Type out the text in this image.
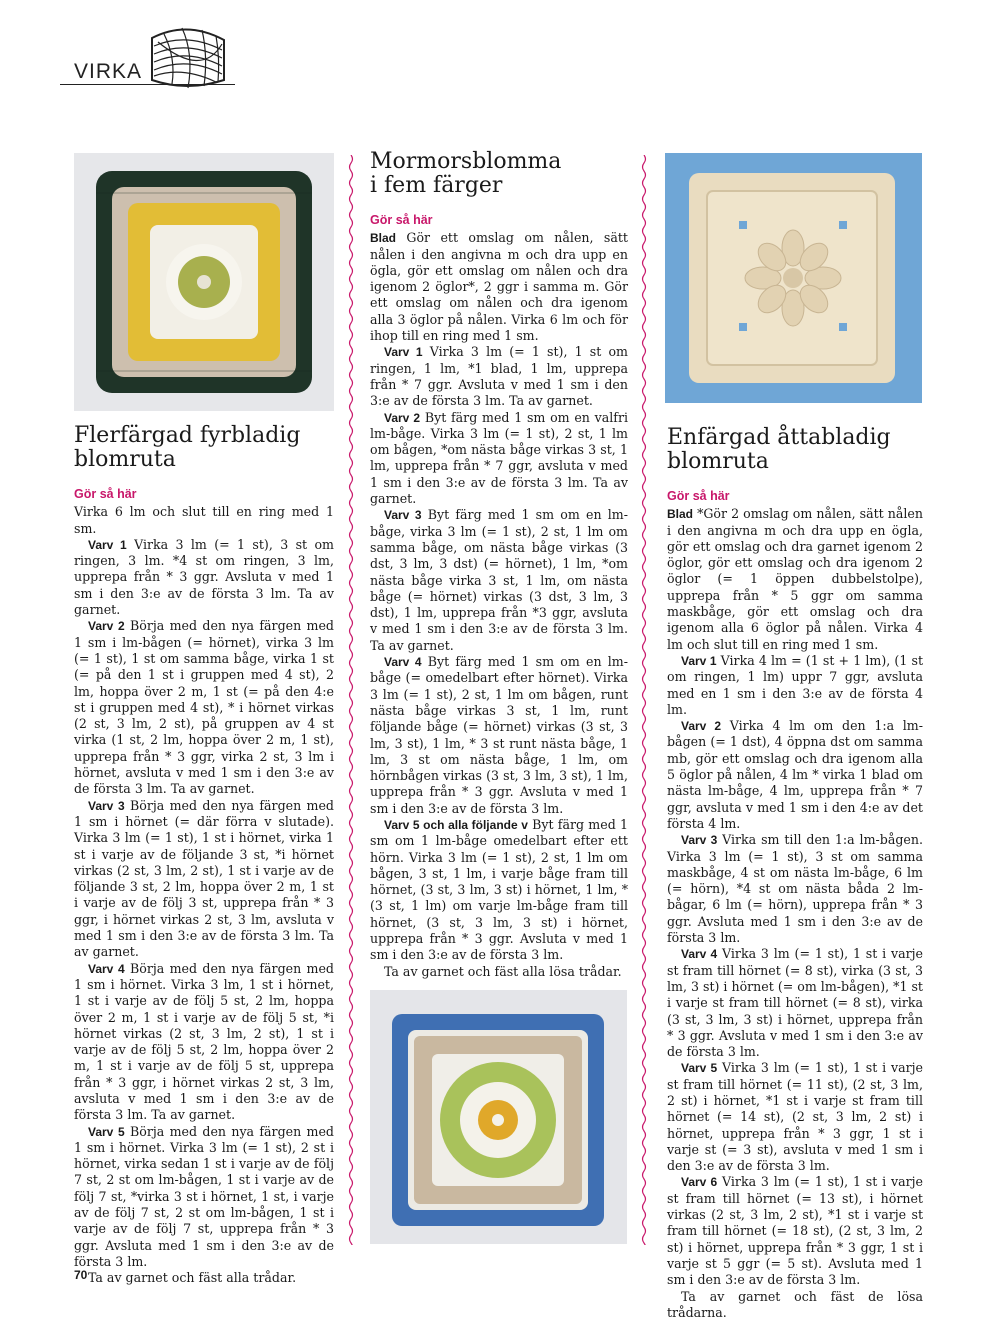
VIRKA
Flerfärgad fyrbladig blomruta
Gör så här

Virka 6 lm och slut till en ring med 1 sm.

Varv 1 Virka 3 lm (= 1 st), 3 st om ringen, 3 lm. *4 st om ringen, 3 lm, upprepa från * 3 ggr. Avsluta v med 1 sm i den 3:e av de första 3 lm. Ta av garnet.

Varv 2 Börja med den nya färgen med 1 sm i lm-bågen (= hörnet), virka 3 lm (= 1 st), 1 st om samma båge, virka 1 st (= på den 1 st i gruppen med 4 st), 2 lm, hoppa över 2 m, 1 st (= på den 4:e st i gruppen med 4 st), * i hörnet virkas (2 st, 3 lm, 2 st), på gruppen av 4 st virka (1 st, 2 lm, hoppa över 2 m, 1 st), upprepa från * 3 ggr, virka 2 st, 3 lm i hörnet, avsluta v med 1 sm i den 3:e av de första 3 lm. Ta av garnet.

Varv 3 Börja med den nya färgen med 1 sm i hörnet (= där förra v slutade). Virka 3 lm (= 1 st), 1 st i hörnet, virka 1 st i varje av de följande 3 st, *i hörnet virkas (2 st, 3 lm, 2 st), 1 st i varje av de följande 3 st, 2 lm, hoppa över 2 m, 1 st i varje av de följ 3 st, upprepa från * 3 ggr, i hörnet virkas 2 st, 3 lm, avsluta v med 1 sm i den 3:e av de första 3 lm. Ta av garnet.

Varv 4 Börja med den nya färgen med 1 sm i hörnet. Virka 3 lm, 1 st i hörnet, 1 st i varje av de följ 5 st, 2 lm, hoppa över 2 m, 1 st i varje av de följ 5 st, *i hörnet virkas (2 st, 3 lm, 2 st), 1 st i varje av de följ 5 st, 2 lm, hoppa över 2 m, 1 st i varje av de följ 5 st, upprepa från * 3 ggr, i hörnet virkas 2 st, 3 lm, avsluta v med 1 sm i den 3:e av de första 3 lm. Ta av garnet.

Varv 5 Börja med den nya färgen med 1 sm i hörnet. Virka 3 lm (= 1 st), 2 st i hörnet, virka sedan 1 st i varje av de följ 7 st, 2 st om lm-bågen, 1 st i varje av de följ 7 st, *virka 3 st i hörnet, 1 st, i varje av de följ 7 st, 2 st om lm-bågen, 1 st i varje av de följ 7 st, upprepa från * 3 ggr. Avsluta med 1 sm i den 3:e av de första 3 lm.

Ta av garnet och fäst alla trådar.

Mormorsblomma i fem färger
Gör så här

Blad Gör ett omslag om nålen, sätt nålen i den angivna m och dra upp en ögla, gör ett omslag om nålen och dra igenom 2 öglor*, 2 ggr i samma m. Gör ett omslag om nålen och dra igenom alla 3 öglor på nålen. Virka 6 lm och för ihop till en ring med 1 sm.

Varv 1 Virka 3 lm (= 1 st), 1 st om ringen, 1 lm, *1 blad, 1 lm, upprepa från * 7 ggr. Avsluta v med 1 sm i den 3:e av de första 3 lm. Ta av garnet.

Varv 2 Byt färg med 1 sm om en valfri lm-båge. Virka 3 lm (= 1 st), 2 st, 1 lm om bågen, *om nästa båge virkas 3 st, 1 lm, upprepa från * 7 ggr, avsluta v med 1 sm i den 3:e av de första 3 lm. Ta av garnet.

Varv 3 Byt färg med 1 sm om en lm-båge, virka 3 lm (= 1 st), 2 st, 1 lm om samma båge, om nästa båge virkas (3 dst, 3 lm, 3 dst) (= hörnet), 1 lm, *om nästa båge virka 3 st, 1 lm, om nästa båge (= hörnet) virkas (3 dst, 3 lm, 3 dst), 1 lm, upprepa från *3 ggr, avsluta v med 1 sm i den 3:e av de första 3 lm. Ta av garnet.

Varv 4 Byt färg med 1 sm om en lm-båge (= omedelbart efter hörnet). Virka 3 lm (= 1 st), 2 st, 1 lm om bågen, runt nästa båge virkas 3 st, 1 lm, runt följande båge (= hörnet) virkas (3 st, 3 lm, 3 st), 1 lm, * 3 st runt nästa båge, 1 lm, 3 st om nästa båge, 1 lm, om hörnbågen virkas (3 st, 3 lm, 3 st), 1 lm, upprepa från * 3 ggr. Avsluta v med 1 sm i den 3:e av de första 3 lm.

Varv 5 och alla följande v Byt färg med 1 sm om 1 lm-båge omedelbart efter ett hörn. Virka 3 lm (= 1 st), 2 st, 1 lm om bågen, 3 st, 1 lm, i varje båge fram till hörnet, (3 st, 3 lm, 3 st) i hörnet, 1 lm, *(3 st, 1 lm) om varje lm-båge fram till hörnet, (3 st, 3 lm, 3 st) i hörnet, upprepa från * 3 ggr. Avsluta v med 1 sm i den 3:e av de första 3 lm.

Ta av garnet och fäst alla lösa trådar.

Enfärgad åttabladig blomruta
Gör så här

Blad *Gör 2 omslag om nålen, sätt nålen i den angivna m och dra upp en ögla, gör ett omslag och dra garnet igenom 2 öglor, gör ett omslag och dra igenom 2 öglor (= 1 öppen dubbelstolpe), upprepa från * 5 ggr om samma maskbåge, gör ett omslag och dra igenom alla 6 öglor på nålen. Virka 4 lm och slut till en ring med 1 sm.

Varv 1 Virka 4 lm = (1 st + 1 lm), (1 st om ringen, 1 lm) uppr 7 ggr, avsluta med en 1 sm i den 3:e av de första 4 lm.

Varv 2 Virka 4 lm om den 1:a lm-bågen (= 1 dst), 4 öppna dst om samma mb, gör ett omslag och dra igenom alla 5 öglor på nålen, 4 lm * virka 1 blad om nästa lm-båge, 4 lm, upprepa från * 7 ggr, avsluta v med 1 sm i den 4:e av det första 4 lm.

Varv 3 Virka sm till den 1:a lm-bågen. Virka 3 lm (= 1 st), 3 st om samma maskbåge, 4 st om nästa lm-båge, 6 lm (= hörn), *4 st om nästa båda 2 lm-bågar, 6 lm (= hörn), upprepa från * 3 ggr. Avsluta med 1 sm i den 3:e av de första 3 lm.

Varv 4 Virka 3 lm (= 1 st), 1 st i varje st fram till hörnet (= 8 st), virka (3 st, 3 lm, 3 st) i hörnet (= om lm-bågen), *1 st i varje st fram till hörnet (= 8 st), virka (3 st, 3 lm, 3 st) i hörnet, upprepa från * 3 ggr. Avsluta v med 1 sm i den 3:e av de första 3 lm.

Varv 5 Virka 3 lm (= 1 st), 1 st i varje st fram till hörnet (= 11 st), (2 st, 3 lm, 2 st) i hörnet, *1 st i varje st fram till hörnet (= 14 st), (2 st, 3 lm, 2 st) i hörnet, upprepa från * 3 ggr, 1 st i varje st (= 3 st), avsluta v med 1 sm i den 3:e av de första 3 lm.

Varv 6 Virka 3 lm (= 1 st), 1 st i varje st fram till hörnet (= 13 st), i hörnet virkas (2 st, 3 lm, 2 st), *1 st i varje st fram till hörnet (= 18 st), (2 st, 3 lm, 2 st) i hörnet, upprepa från * 3 ggr, 1 st i varje st 5 ggr (= 5 st). Avsluta med 1 sm i den 3:e av de första 3 lm.

Ta av garnet och fäst de lösa trådarna.

70
